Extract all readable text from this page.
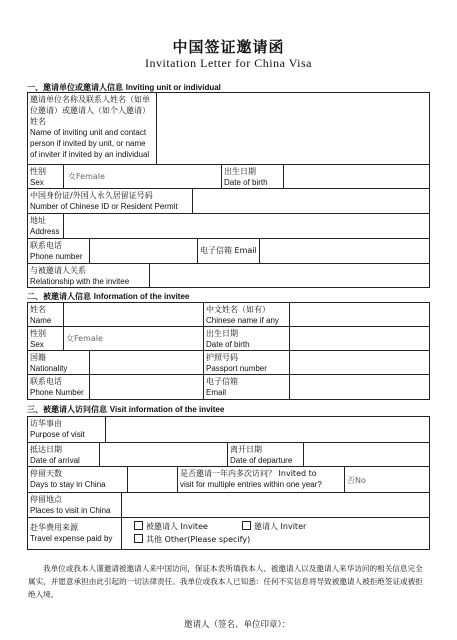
中国签证邀请函
Invitation Letter for China Visa
一、邀请单位或邀请人信息 Inviting unit or individual
邀请单位名称及联系人姓名（如单位邀请）或邀请人（如个人邀请）姓名
Name of inviting unit and contact person if invited by unit, or name of inviter if invited by an individual
性别
Sex
女Female
出生日期
Date of birth
中国身份证/外国人永久居留证号码
Number of Chinese ID or Resident Permit
地址
Address
联系电话
Phone number
电子信箱 Email
与被邀请人关系
Relationship with the invitee
二、被邀请人信息 Information of the invitee
姓名
Name
中文姓名（如有）
Chinese name if any
性别
Sex
女Female
出生日期
Date of birth
国籍
Nationality
护照号码
Passport number
联系电话
Phone Number
电子信箱
Email
三、被邀请人访问信息 Visit information of the invitee
访华事由
Purpose of visit
抵达日期
Date of arrival
离开日期
Date of departure
停留天数
Days to stay in China
是否邀请一年内多次访问？ Invited to
visit for multiple entries within one year?	否No
停留地点
Places to visit in China
赴华费用来源
Travel expense paid by
被邀请人 Invitee	邀请人 Inviter
其他 Other(Please specify)
我单位或我本人谨邀请被邀请人来中国访问，保证本表所填我本人、被邀请人以及邀请人来华访问的相关信息完全属实，并愿意承担由此引起的一切法律责任。我单位或我本人已知悉：任何不实信息将导致被邀请人被拒绝签证或被拒绝入境。
邀请人（签名、单位印章）：
